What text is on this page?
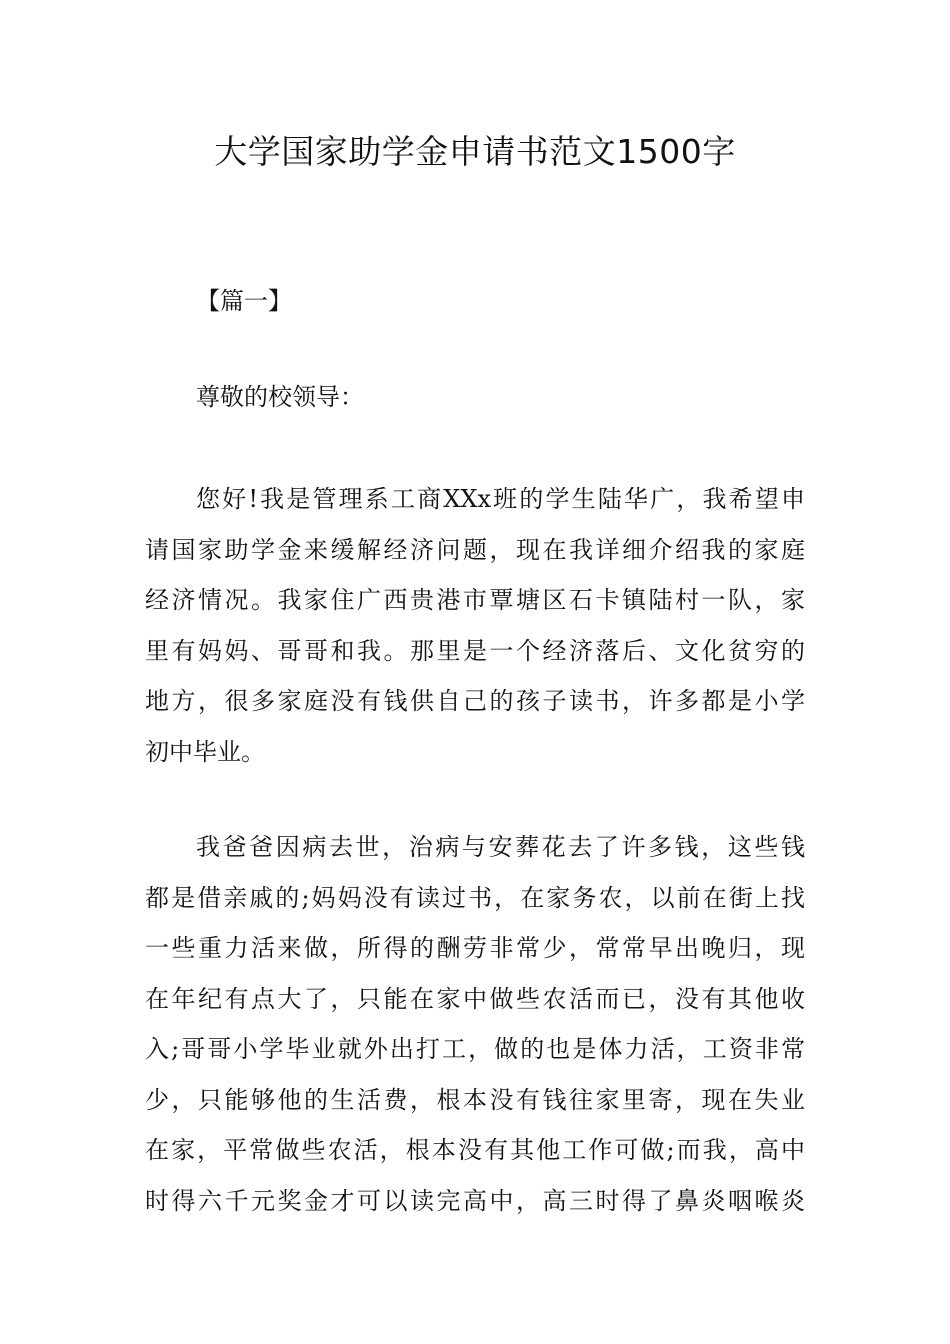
大学国家助学金申请书范文1500字
【篇一】
尊敬的校领导：
您好!我是管理系工商XXx班的学生陆华广，我希望申
请国家助学金来缓解经济问题，现在我详细介绍我的家庭
经济情况。我家住广西贵港市覃塘区石卡镇陆村一队，家
里有妈妈、哥哥和我。那里是一个经济落后、文化贫穷的
地方，很多家庭没有钱供自己的孩子读书，许多都是小学
初中毕业。
我爸爸因病去世，治病与安葬花去了许多钱，这些钱
都是借亲戚的;妈妈没有读过书，在家务农，以前在街上找
一些重力活来做，所得的酬劳非常少，常常早出晚归，现
在年纪有点大了，只能在家中做些农活而已，没有其他收
入;哥哥小学毕业就外出打工，做的也是体力活，工资非常
少，只能够他的生活费，根本没有钱往家里寄，现在失业
在家，平常做些农活，根本没有其他工作可做;而我，高中
时得六千元奖金才可以读完高中，高三时得了鼻炎咽喉炎
